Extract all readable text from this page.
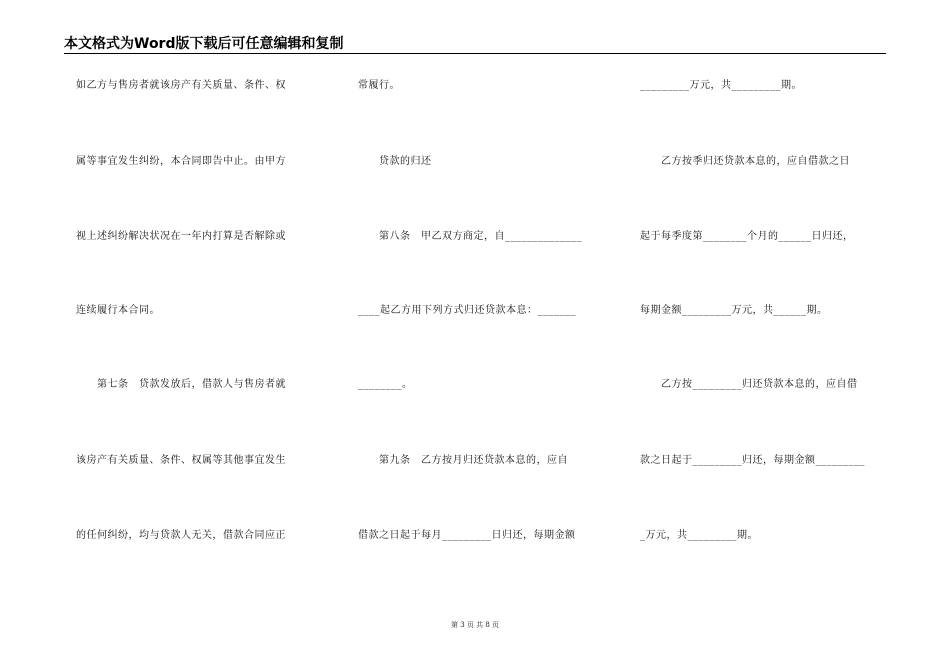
本文格式为Word版下载后可任意编辑和复制
如乙方与售房者就该房产有关质量、条件、权
属等事宜发生纠纷，本合同即告中止。由甲方
视上述纠纷解决状况在一年内打算是否解除或
连续履行本合同。
　　第七条　贷款发放后，借款人与售房者就
该房产有关质量、条件、权属等其他事宜发生
的任何纠纷，均与贷款人无关，借款合同应正
常履行。
　　贷款的归还
　　第八条　甲乙双方商定，自______________
____起乙方用下列方式归还贷款本息：_______
________。
　　第九条　乙方按月归还贷款本息的，应自
借款之日起于每月_________日归还，每期金额
_________万元，共_________期。
　　乙方按季归还贷款本息的，应自借款之日
起于每季度第________个月的______日归还，
每期金额_________万元，共______期。
　　乙方按_________归还贷款本息的，应自借
款之日起于_________归还，每期金额_________
_万元，共_________期。
第 3 页 共 8 页
